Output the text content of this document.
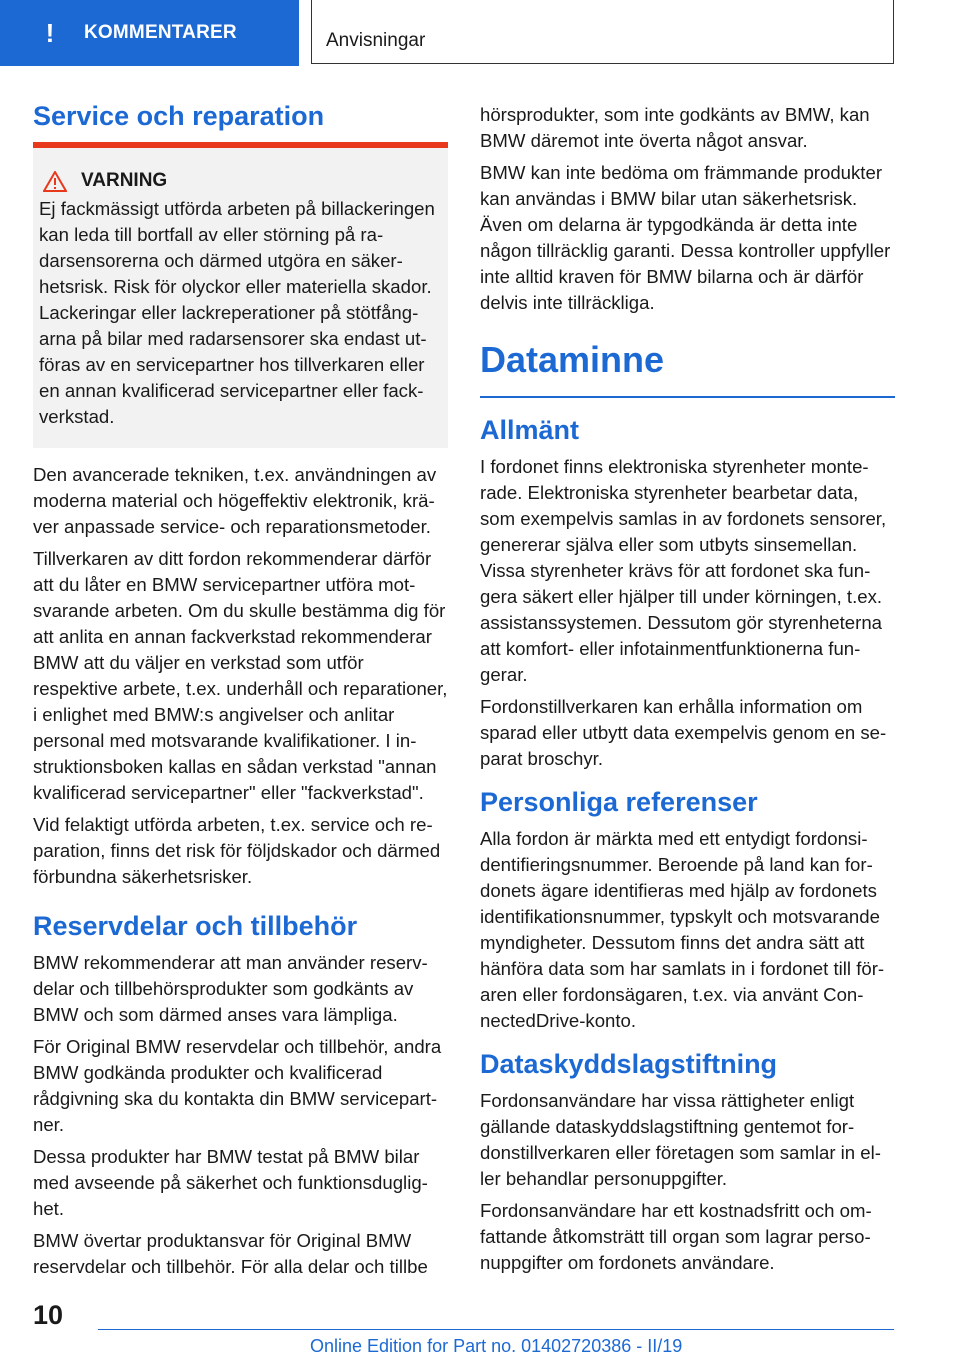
!	KOMMENTARER	Anvisningar
Service och reparation
VARNING

Ej fackmässigt utförda arbeten på billackeringen kan leda till bortfall av eller störning på radarsensorerna och därmed utgöra en säkerhetsrisk. Risk för olyckor eller materiella skador. Lackeringar eller lackreperationer på stötfångarna på bilar med radarsensorer ska endast utföras av en servicepartner hos tillverkaren eller en annan kvalificerad servicepartner eller fackverkstad.

Den avancerade tekniken, t.ex. användningen av moderna material och högeffektiv elektronik, kräver anpassade service- och reparationsmetoder.

Tillverkaren av ditt fordon rekommenderar därför att du låter en BMW servicepartner utföra motsvarande arbeten. Om du skulle bestämma dig för att anlita en annan fackverkstad rekommenderar BMW att du väljer en verkstad som utför respektive arbete, t.ex. underhåll och reparationer, i enlighet med BMW:s angivelser och anlitar personal med motsvarande kvalifikationer. I instruktionsboken kallas en sådan verkstad "annan kvalificerad servicepartner" eller "fackverkstad".

Vid felaktigt utförda arbeten, t.ex. service och reparation, finns det risk för följdskador och därmed förbundna säkerhetsrisker.

Reservdelar och tillbehör

BMW rekommenderar att man använder reservdelar och tillbehörsprodukter som godkänts av BMW och som därmed anses vara lämpliga.

För Original BMW reservdelar och tillbehör, andra BMW godkända produkter och kvalificerad rådgivning ska du kontakta din BMW servicepartner.

Dessa produkter har BMW testat på BMW bilar med avseende på säkerhet och funktionsduglighet.

BMW övertar produktansvar för Original BMW reservdelar och tillbehör. För alla delar och tillbe

hörsprodukter, som inte godkänts av BMW, kan BMW däremot inte överta något ansvar.

BMW kan inte bedöma om främmande produkter kan användas i BMW bilar utan säkerhetsrisk. Även om delarna är typgodkända är detta inte någon tillräcklig garanti. Dessa kontroller uppfyller inte alltid kraven för BMW bilarna och är därför delvis inte tillräckliga.

Dataminne
Allmänt

I fordonet finns elektroniska styrenheter monterade. Elektroniska styrenheter bearbetar data, som exempelvis samlas in av fordonets sensorer, genererar själva eller som utbyts sinsemellan. Vissa styrenheter krävs för att fordonet ska fungera säkert eller hjälper till under körningen, t.ex. assistanssystemen. Dessutom gör styrenheterna att komfort- eller infotainmentfunktionerna fungerar.

Fordonstillverkaren kan erhålla information om sparad eller utbytt data exempelvis genom en separat broschyr.

Personliga referenser

Alla fordon är märkta med ett entydigt fordonsidentifieringsnummer. Beroende på land kan fordonets ägare identifieras med hjälp av fordonets identifikationsnummer, typskylt och motsvarande myndigheter. Dessutom finns det andra sätt att hänföra data som har samlats in i fordonet till föraren eller fordonsägaren, t.ex. via använt ConnectedDrive-konto.

Dataskyddslagstiftning

Fordonsanvändare har vissa rättigheter enligt gällande dataskyddslagstiftning gentemot fordonstillverkaren eller företagen som samlar in eller behandlar personuppgifter.

Fordonsanvändare har ett kostnadsfritt och omfattande åtkomsträtt till organ som lagrar personuppgifter om fordonets användare.

10
Online Edition for Part no. 01402720386 - II/19
